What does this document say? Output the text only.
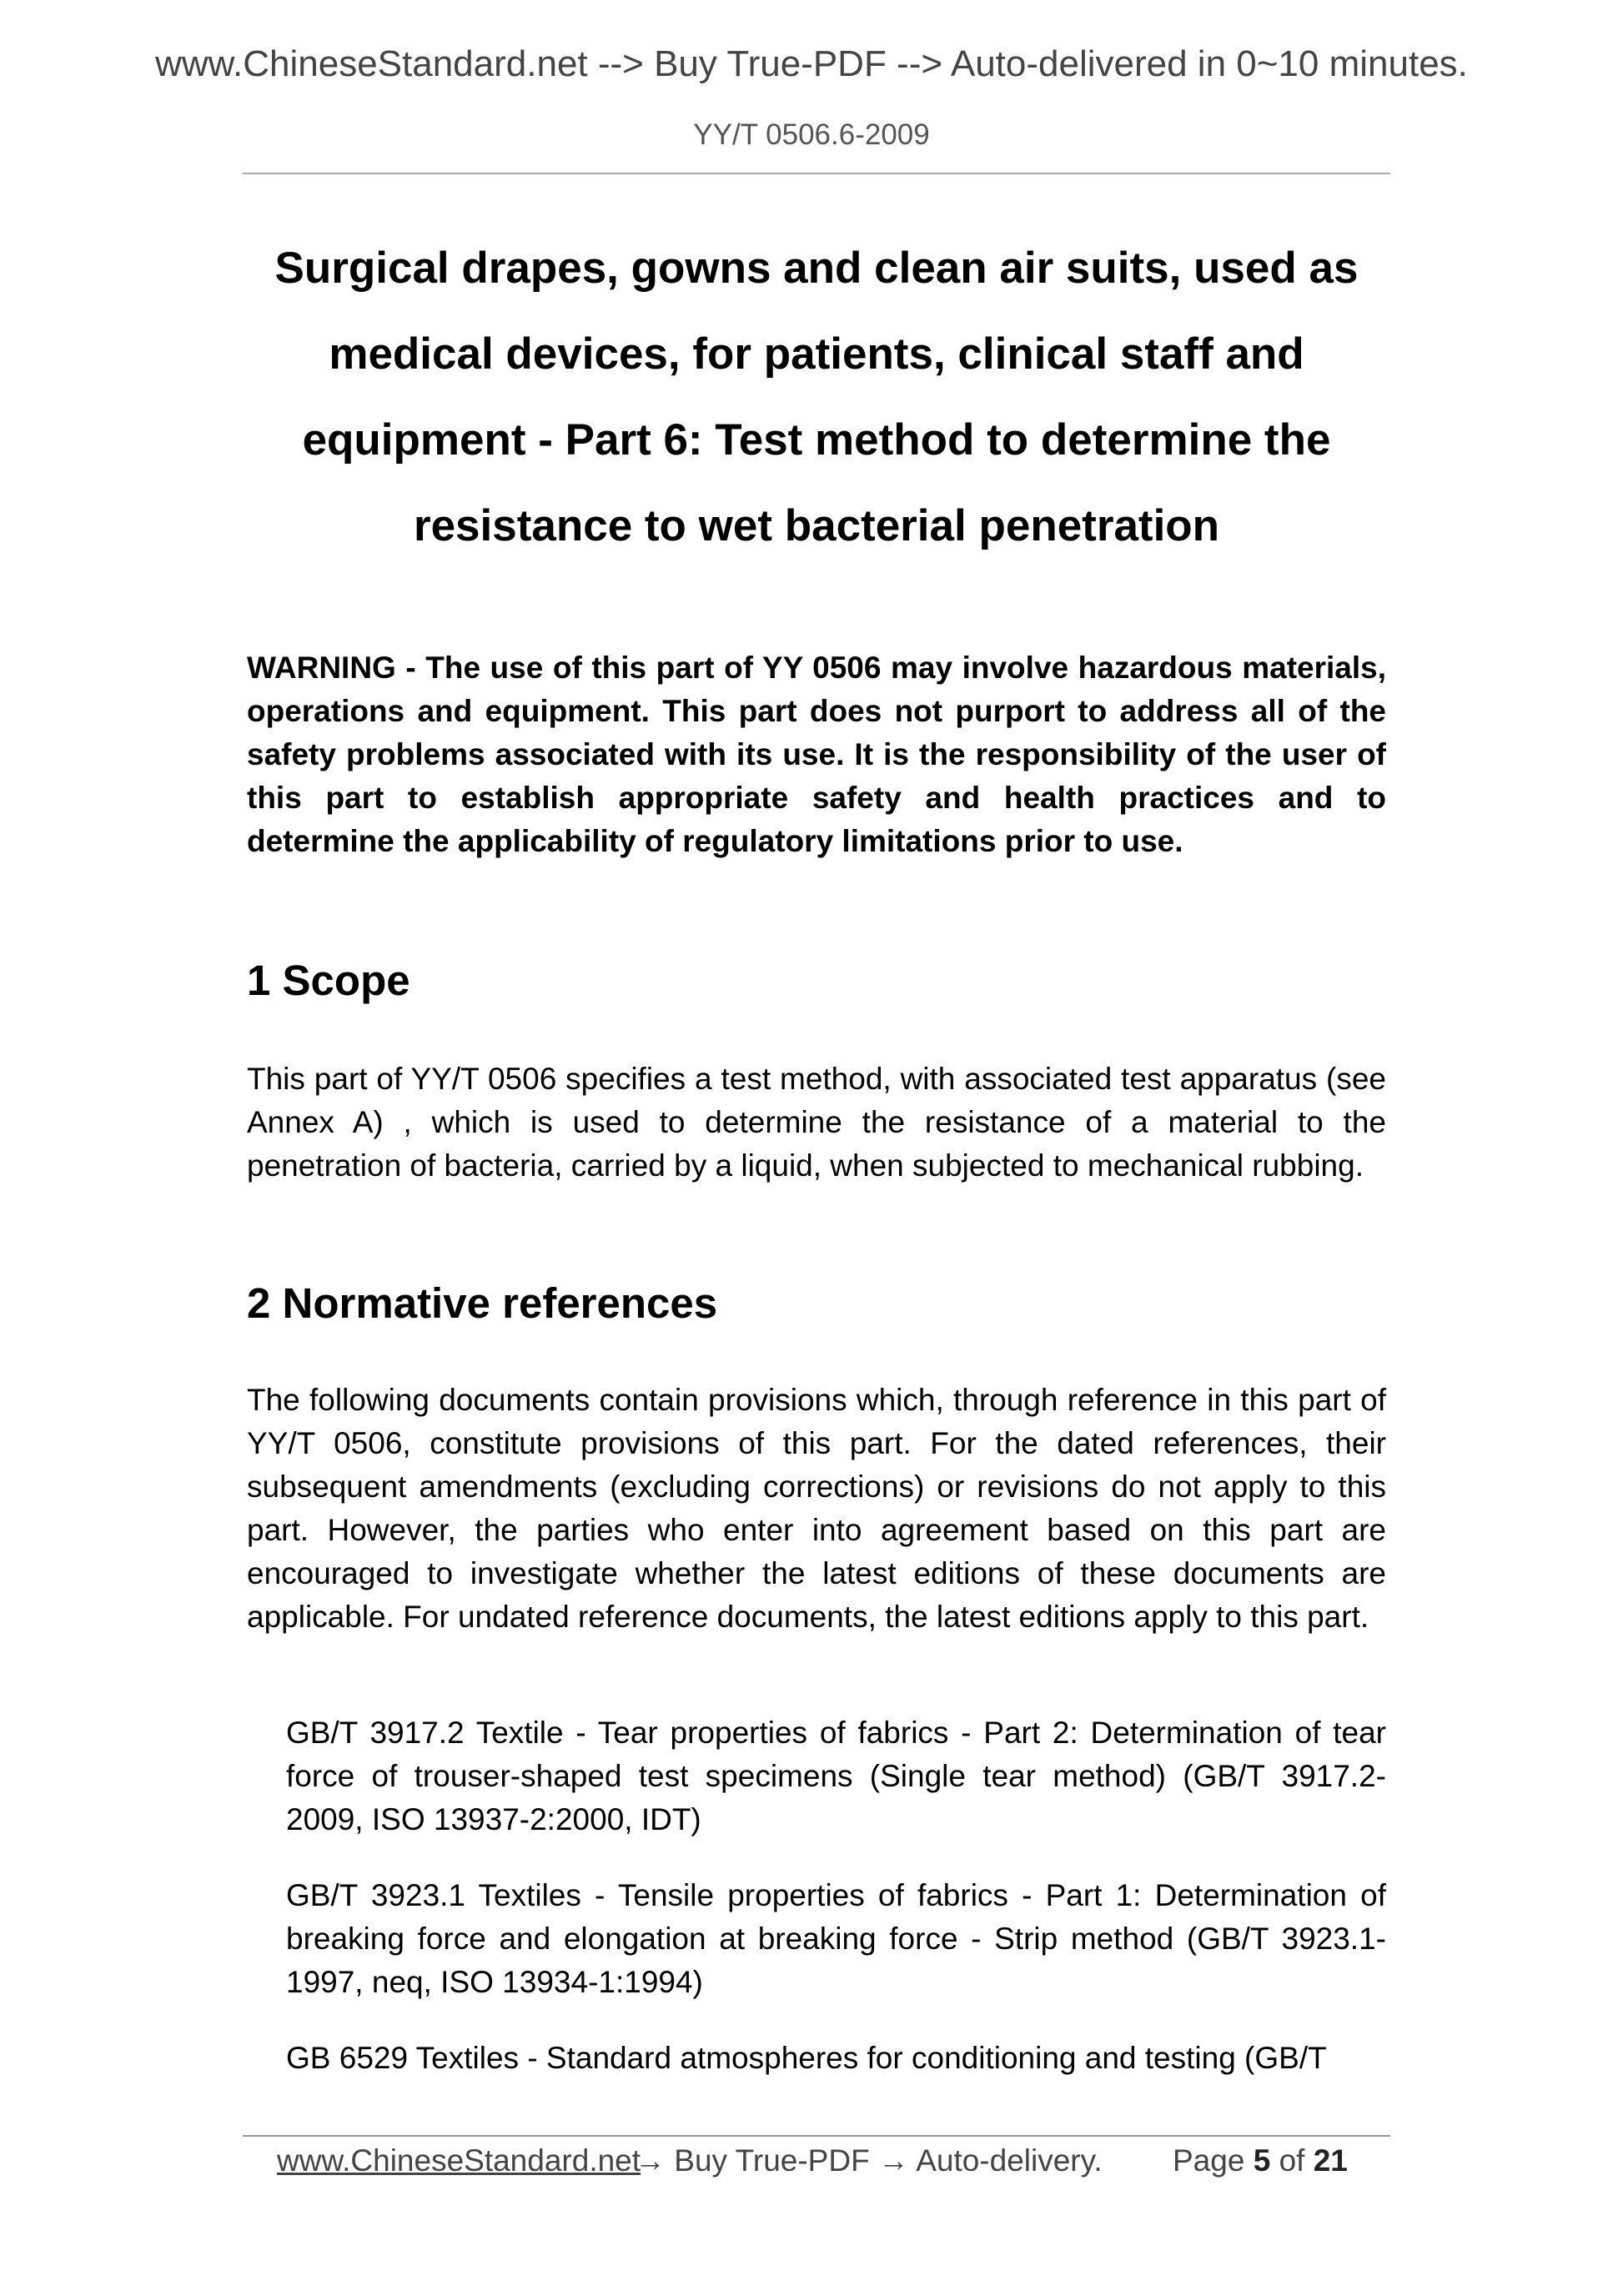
www.ChineseStandard.net --> Buy True-PDF --> Auto-delivered in 0~10 minutes.
YY/T 0506.6-2009
Surgical drapes, gowns and clean air suits, used as
medical devices, for patients, clinical staff and
equipment - Part 6: Test method to determine the
resistance to wet bacterial penetration
WARNING - The use of this part of YY 0506 may involve hazardous materials, operations and equipment. This part does not purport to address all of the safety problems associated with its use. It is the responsibility of the user of this part to establish appropriate safety and health practices and to determine the applicability of regulatory limitations prior to use.
1 Scope
This part of YY/T 0506 specifies a test method, with associated test apparatus (see Annex A) , which is used to determine the resistance of a material to the penetration of bacteria, carried by a liquid, when subjected to mechanical rubbing.
2 Normative references
The following documents contain provisions which, through reference in this part of YY/T 0506, constitute provisions of this part. For the dated references, their subsequent amendments (excluding corrections) or revisions do not apply to this part. However, the parties who enter into agreement based on this part are encouraged to investigate whether the latest editions of these documents are applicable. For undated reference documents, the latest editions apply to this part.
GB/T 3917.2 Textile - Tear properties of fabrics - Part 2: Determination of tear force of trouser-shaped test specimens (Single tear method) (GB/T 3917.2-2009, ISO 13937-2:2000, IDT)
GB/T 3923.1 Textiles - Tensile properties of fabrics - Part 1: Determination of breaking force and elongation at breaking force - Strip method (GB/T 3923.1-1997, neq, ISO 13934-1:1994)
GB 6529 Textiles - Standard atmospheres for conditioning and testing (GB/T
www.ChineseStandard.net
→ Buy True-PDF → Auto-delivery. Page 5 of 21
